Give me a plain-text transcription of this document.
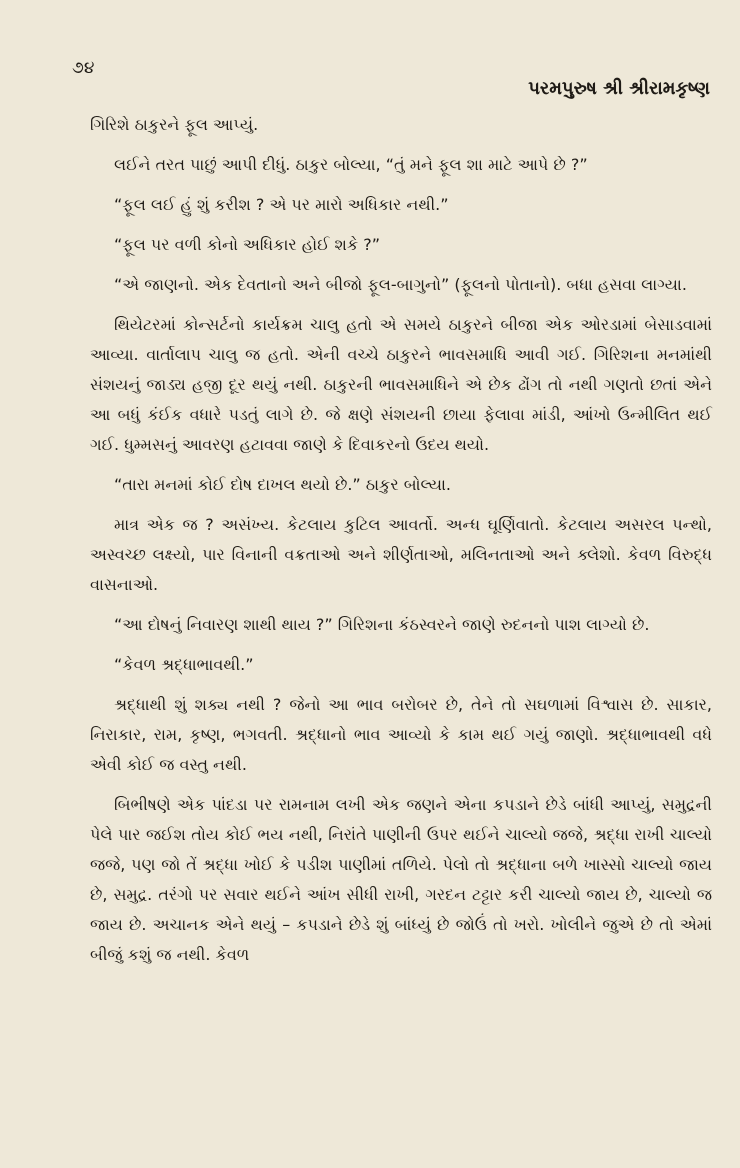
૭૪
પરમપુરુષ શ્રી શ્રીરામકૃષ્ણ

ગિરિશે ઠાકુરને ફૂલ આપ્યું.

લઈને તરત પાછું આપી દીધું. ઠાકુર બોલ્યા, “તું મને ફૂલ શા માટે આપે છે ?”

“ફૂલ લઈ હું શું કરીશ ? એ પર મારો અધિકાર નથી.”

“ફૂલ પર વળી કોનો અધિકાર હોઈ શકે ?”

“એ જાણનો. એક દેવતાનો અને બીજો ફૂલ-બાગુનો” (ફૂલનો પોતાનો). બધા હસવા લાગ્યા.

થિયેટરમાં કોન્સર્ટનો કાર્યક્રમ ચાલુ હતો એ સમયે ઠાકુરને બીજા એક ઓરડામાં બેસાડવામાં આવ્યા. વાર્તાલાપ ચાલુ જ હતો. એની વચ્ચે ઠાકુરને ભાવસમાધિ આવી ગઈ. ગિરિશના મનમાંથી સંશયનું જાડ્ય હજી દૂર થયું નથી. ઠાકુરની ભાવસમાધિને એ છેક ઢોંગ તો નથી ગણતો છતાં એને આ બધું કંઈક વધારે પડતું લાગે છે. જે ક્ષણે સંશયની છાયા ફેલાવા માંડી, આંખો ઉન્મીલિત થઈ ગઈ. ધુમ્મસનું આવરણ હટાવવા જાણે કે દિવાકરનો ઉદય થયો.

“તારા મનમાં કોઈ દોષ દાખલ થયો છે.” ઠાકુર બોલ્યા.

માત્ર એક જ ? અસંખ્ય. કેટલાય કુટિલ આવર્તો. અન્ધ ઘૂર્ણિવાતો. કેટલાય અસરલ પન્થો, અસ્વચ્છ લક્ષ્યો, પાર વિનાની વક્રતાઓ અને શીર્ણતાઓ, મલિનતાઓ અને ક્લેશો. કેવળ વિરુદ્ધ વાસનાઓ.

“આ દોષનું નિવારણ શાથી થાય ?” ગિરિશના કંઠસ્વરને જાણે રુદનનો પાશ લાગ્યો છે.

“કેવળ શ્રદ્ધાભાવથી.”

શ્રદ્ધાથી શું શક્ય નથી ? જેનો આ ભાવ બરોબર છે, તેને તો સઘળામાં વિશ્વાસ છે. સાકાર, નિરાકાર, રામ, કૃષ્ણ, ભગવતી. શ્રદ્ધાનો ભાવ આવ્યો કે કામ થઈ ગયું જાણો. શ્રદ્ધાભાવથી વધે એવી કોઈ જ વસ્તુ નથી.

બિભીષણે એક પાંદડા પર રામનામ લખી એક જણને એના કપડાને છેડે બાંધી આપ્યું, સમુદ્રની પેલે પાર જઈશ તોય કોઈ ભય નથી, નિરાંતે પાણીની ઉપર થઈને ચાલ્યો જજે, શ્રદ્ધા રાખી ચાલ્યો જજે, પણ જો તેં શ્રદ્ધા ખોઈ કે પડીશ પાણીમાં તળિયે. પેલો તો શ્રદ્ધાના બળે ખાસ્સો ચાલ્યો જાય છે, સમુદ્ર. તરંગો પર સવાર થઈને આંખ સીધી રાખી, ગરદન ટટ્ટાર કરી ચાલ્યો જાય છે, ચાલ્યો જ જાય છે. અચાનક એને થયું – કપડાને છેડે શું બાંધ્યું છે જોઉં તો ખરો. ખોલીને જુએ છે તો એમાં બીજું કશું જ નથી. કેવળ
